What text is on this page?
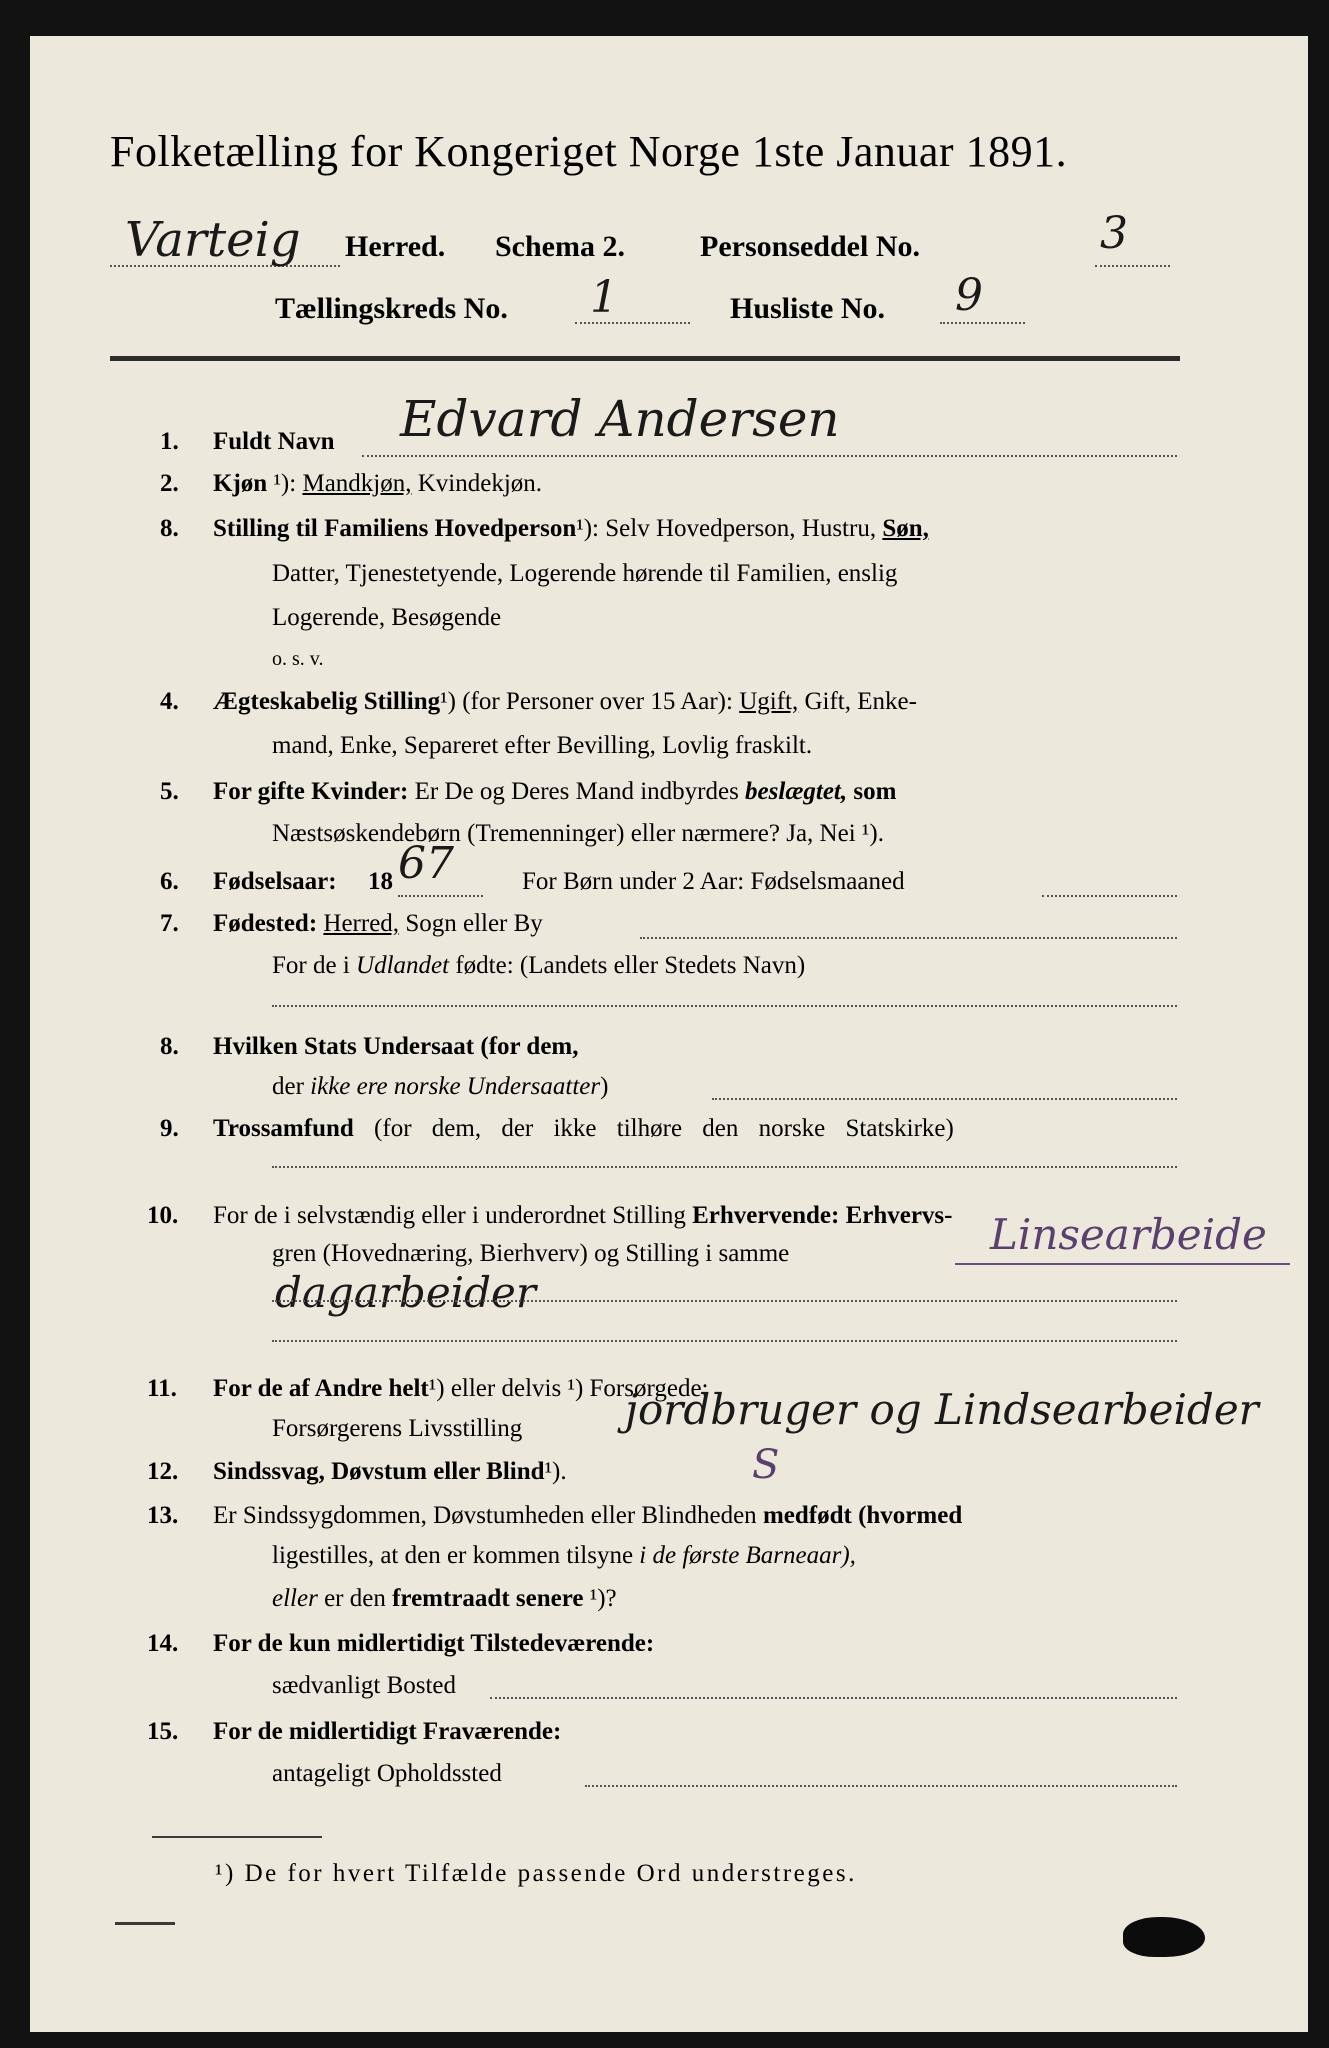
Folketælling for Kongeriget Norge 1ste Januar 1891.
Varteig Herred. Schema 2.	Personseddel No.	3
Tællingskreds No. 1	Husliste No. 9
1. Fuldt Navn Edvard Andersen
2. Kjøn ¹): Mandkjøn, Kvindekjøn.
8. Stilling til Familiens Hovedperson¹): Selv Hovedperson, Hustru, Søn,
Datter, Tjenestetyende, Logerende hørende til Familien, enslig
Logerende, Besøgende
o. s. v.
4. Ægteskabelig Stilling¹) (for Personer over 15 Aar): Ugift, Gift, Enke-
mand, Enke, Separeret efter Bevilling, Lovlig fraskilt.
5. For gifte Kvinder: Er De og Deres Mand indbyrdes beslægtet, som
Næstsøskendebørn (Tremenninger) eller nærmere? Ja, Nei ¹).
6. Fødselsaar: 18 67	For Børn under 2 Aar: Fødselsmaaned
7. Fødested: Herred, Sogn eller By
For de i Udlandet fødte: (Landets eller Stedets Navn)
8. Hvilken Stats Undersaat (for dem,
der ikke ere norske Undersaatter)
9. Trossamfund (for dem, der ikke tilhøre den norske Statskirke)
10. For de i selvstændig eller i underordnet Stilling Erhvervende: Erhvervs-
gren (Hovednæring, Bierhverv) og Stilling i samme	Linsearbeide
dagarbeider
11. For de af Andre helt¹) eller delvis ¹) Forsørgede:
Forsørgerens Livsstilling jordbruger og Lindsearbeider
12. Sindssvag, Døvstum eller Blind¹).	S
13. Er Sindssygdommen, Døvstumheden eller Blindheden medfødt (hvormed
ligestilles, at den er kommen tilsyne i de første Barneaar),
eller er den fremtraadt senere ¹)?
14. For de kun midlertidigt Tilstedeværende:
sædvanligt Bosted
15. For de midlertidigt Fraværende:
antageligt Opholdssted
¹) De for hvert Tilfælde passende Ord understreges.
